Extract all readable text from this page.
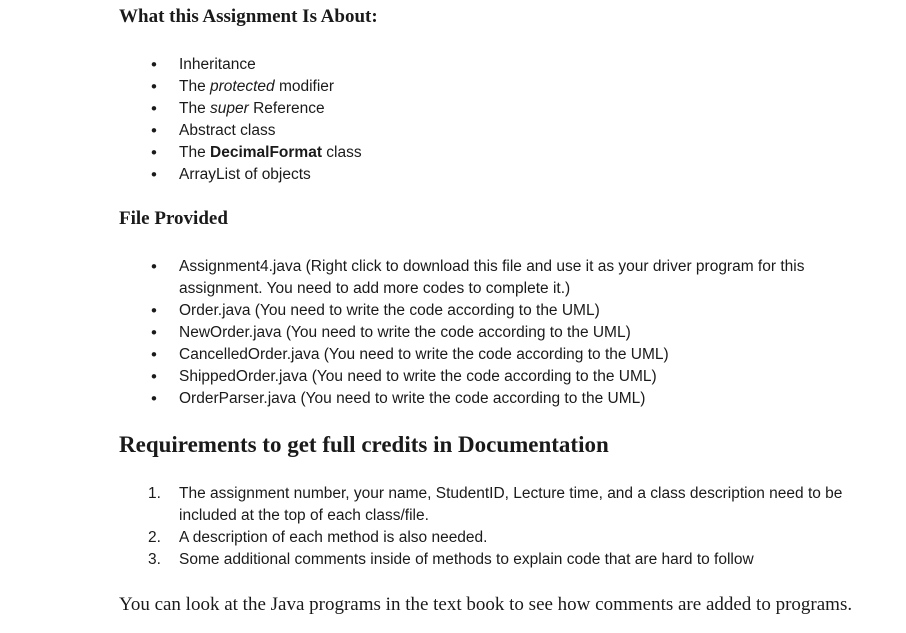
What this Assignment Is About:
• Inheritance
• The protected modifier
• The super Reference
• Abstract class
• The DecimalFormat class
• ArrayList of objects
File Provided
• Assignment4.java (Right click to download this file and use it as your driver program for this assignment. You need to add more codes to complete it.)
• Order.java (You need to write the code according to the UML)
• NewOrder.java (You need to write the code according to the UML)
• CancelledOrder.java (You need to write the code according to the UML)
• ShippedOrder.java (You need to write the code according to the UML)
• OrderParser.java (You need to write the code according to the UML)
Requirements to get full credits in Documentation
1.	The assignment number, your name, StudentID, Lecture time, and a class description need to be included at the top of each class/file.
2.	A description of each method is also needed.
3.	Some additional comments inside of methods to explain code that are hard to follow

You can look at the Java programs in the text book to see how comments are added to programs.
